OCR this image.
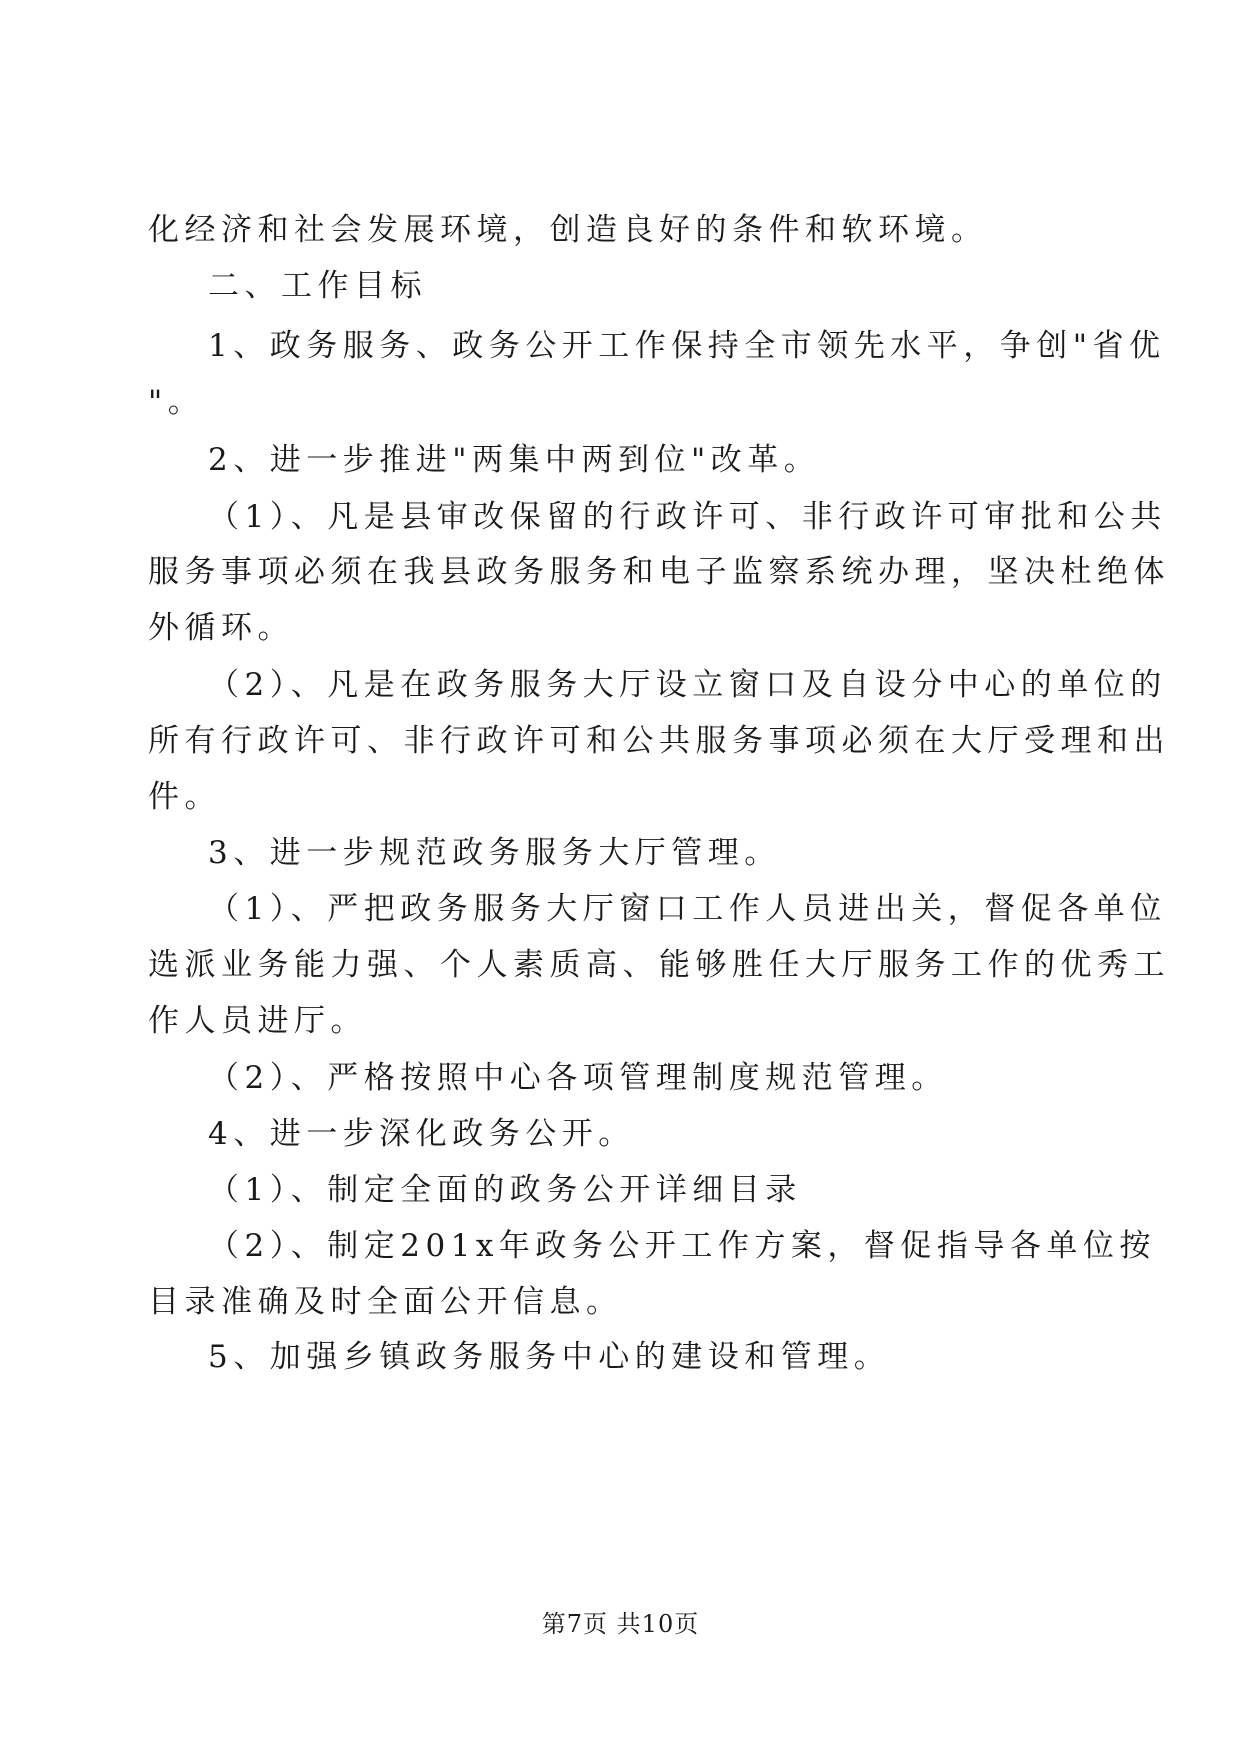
化经济和社会发展环境，创造良好的条件和软环境。
二、工作目标
1、政务服务、政务公开工作保持全市领先水平，争创"省优
"。
2、进一步推进"两集中两到位"改革。
（1）、凡是县审改保留的行政许可、非行政许可审批和公共
服务事项必须在我县政务服务和电子监察系统办理，坚决杜绝体
外循环。
（2）、凡是在政务服务大厅设立窗口及自设分中心的单位的
所有行政许可、非行政许可和公共服务事项必须在大厅受理和出
件。
3、进一步规范政务服务大厅管理。
（1）、严把政务服务大厅窗口工作人员进出关，督促各单位
选派业务能力强、个人素质高、能够胜任大厅服务工作的优秀工
作人员进厅。
（2）、严格按照中心各项管理制度规范管理。
4、进一步深化政务公开。
（1）、制定全面的政务公开详细目录
（2）、制定201x年政务公开工作方案，督促指导各单位按
目录准确及时全面公开信息。
5、加强乡镇政务服务中心的建设和管理。
第7页 共10页
